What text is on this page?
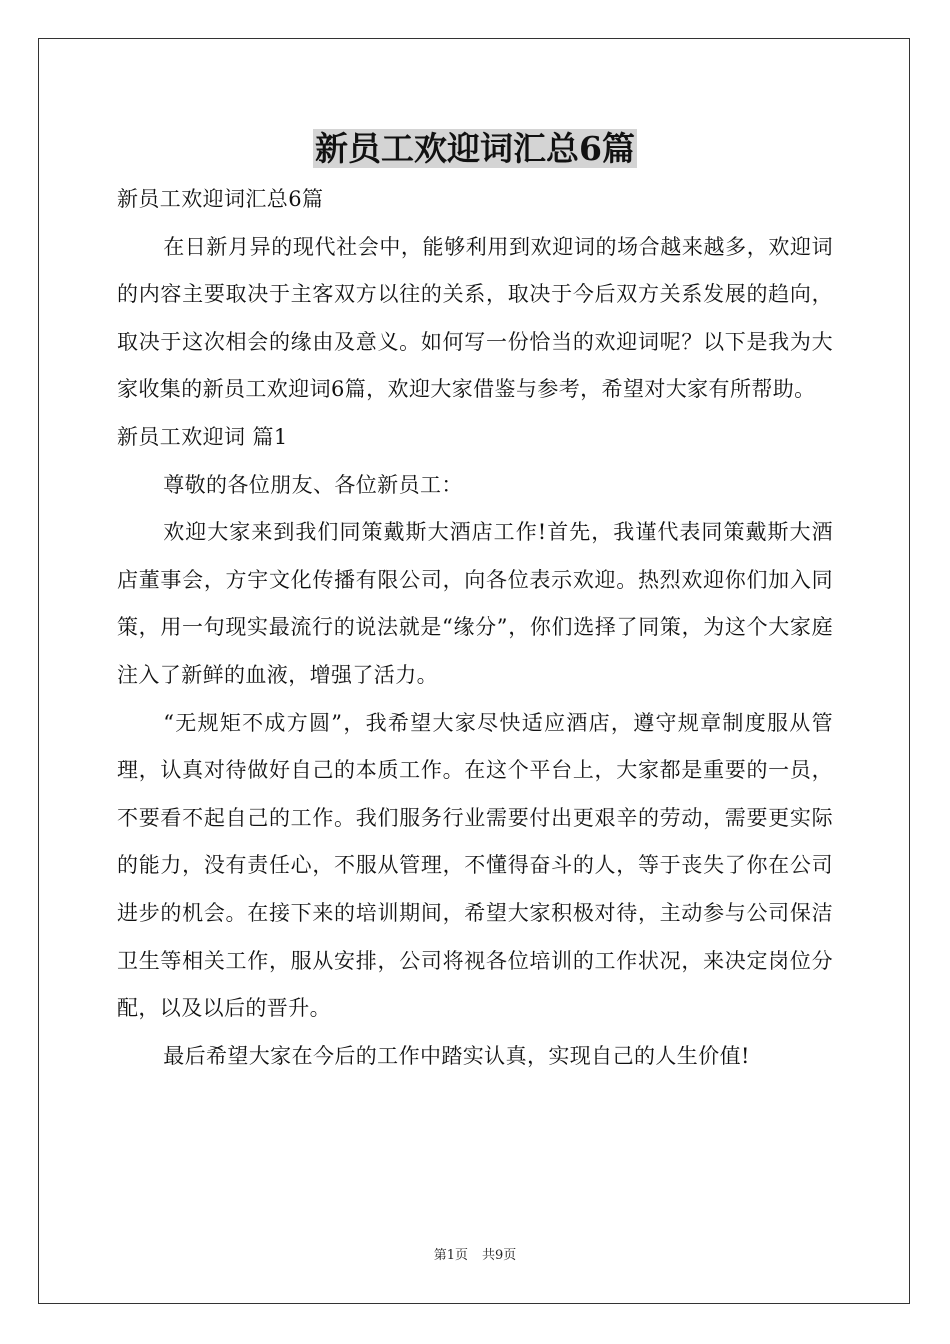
新员工欢迎词汇总6篇

新员工欢迎词汇总6篇

在日新月异的现代社会中，能够利用到欢迎词的场合越来越多，欢迎词的内容主要取决于主客双方以往的关系，取决于今后双方关系发展的趋向，取决于这次相会的缘由及意义。如何写一份恰当的欢迎词呢？以下是我为大家收集的新员工欢迎词6篇，欢迎大家借鉴与参考，希望对大家有所帮助。

新员工欢迎词 篇1

尊敬的各位朋友、各位新员工：

欢迎大家来到我们同策戴斯大酒店工作!首先，我谨代表同策戴斯大酒店董事会，方宇文化传播有限公司，向各位表示欢迎。热烈欢迎你们加入同策，用一句现实最流行的说法就是“缘分”，你们选择了同策，为这个大家庭注入了新鲜的血液，增强了活力。

“无规矩不成方圆”，我希望大家尽快适应酒店，遵守规章制度服从管理，认真对待做好自己的本质工作。在这个平台上，大家都是重要的一员，不要看不起自己的工作。我们服务行业需要付出更艰辛的劳动，需要更实际的能力，没有责任心，不服从管理，不懂得奋斗的人，等于丧失了你在公司进步的机会。在接下来的培训期间，希望大家积极对待，主动参与公司保洁卫生等相关工作，服从安排，公司将视各位培训的工作状况，来决定岗位分配，以及以后的晋升。

最后希望大家在今后的工作中踏实认真，实现自己的人生价值!

第1页 共9页
